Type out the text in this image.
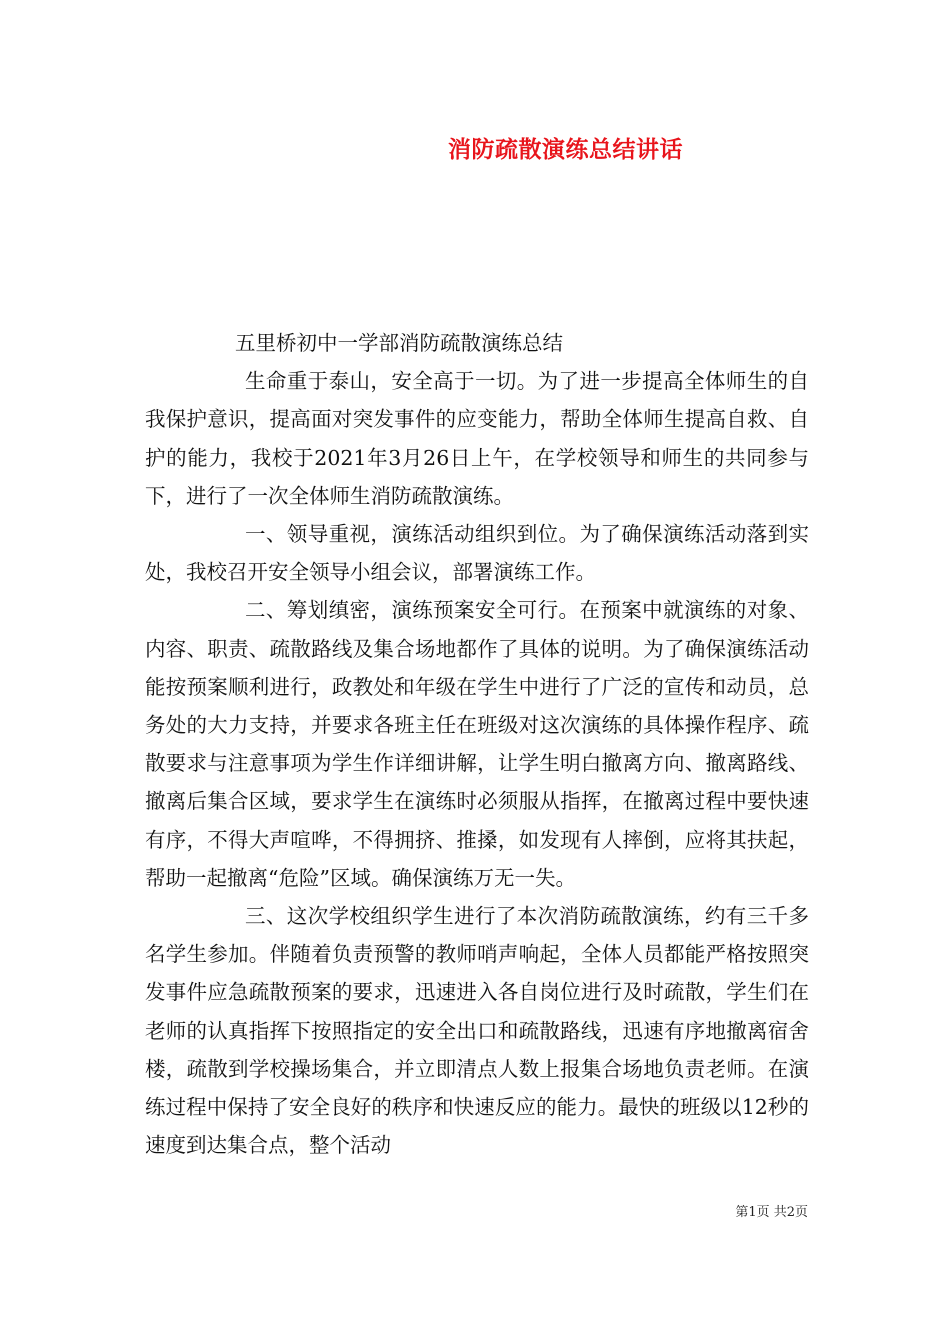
消防疏散演练总结讲话

五里桥初中一学部消防疏散演练总结

生命重于泰山，安全高于一切。为了进一步提高全体师生的自我保护意识，提高面对突发事件的应变能力，帮助全体师生提高自救、自护的能力，我校于2021年3月26日上午，在学校领导和师生的共同参与下，进行了一次全体师生消防疏散演练。

一、领导重视，演练活动组织到位。为了确保演练活动落到实处，我校召开安全领导小组会议，部署演练工作。

二、筹划缜密，演练预案安全可行。在预案中就演练的对象、内容、职责、疏散路线及集合场地都作了具体的说明。为了确保演练活动能按预案顺利进行，政教处和年级在学生中进行了广泛的宣传和动员，总务处的大力支持，并要求各班主任在班级对这次演练的具体操作程序、疏散要求与注意事项为学生作详细讲解，让学生明白撤离方向、撤离路线、撤离后集合区域，要求学生在演练时必须服从指挥，在撤离过程中要快速有序，不得大声喧哗，不得拥挤、推搡，如发现有人摔倒，应将其扶起，帮助一起撤离“危险”区域。确保演练万无一失。

三、这次学校组织学生进行了本次消防疏散演练，约有三千多名学生参加。伴随着负责预警的教师哨声响起，全体人员都能严格按照突发事件应急疏散预案的要求，迅速进入各自岗位进行及时疏散，学生们在老师的认真指挥下按照指定的安全出口和疏散路线，迅速有序地撤离宿舍楼，疏散到学校操场集合，并立即清点人数上报集合场地负责老师。在演练过程中保持了安全良好的秩序和快速反应的能力。最快的班级以12秒的速度到达集合点，整个活动

第1页 共2页
